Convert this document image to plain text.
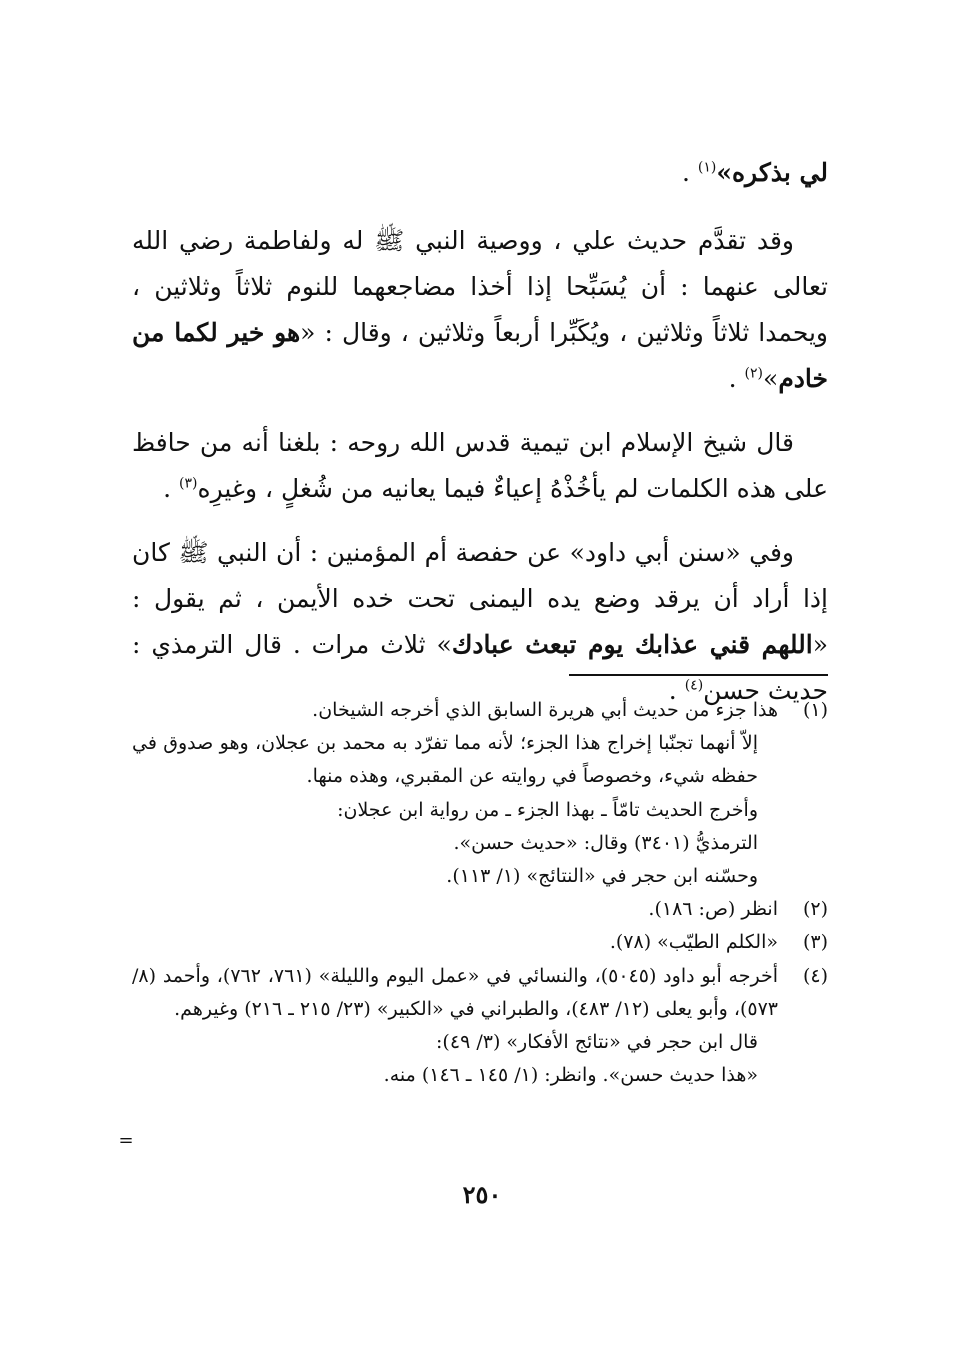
لي بذكره»$^{(١)}$ .

وقد تقدَّم حديث علي ، ووصية النبي ﷺ له ولفاطمة رضي الله تعالى عنهما : أن يُسَبِّحا إذا أخذا مضاجعهما للنوم ثلاثاً وثلاثين ، ويحمدا ثلاثاً وثلاثين ، ويُكَبِّرا أربعاً وثلاثين ، وقال : «هو خير لكما من خادم»$^{(٢)}$ .

قال شيخ الإسلام ابن تيمية قدس الله روحه : بلغنا أنه من حافظ على هذه الكلمات لم يأخُذْهُ إعياءٌ فيما يعانيه من شُغلٍ ، وغيرِه$^{(٣)}$ .

وفي «سنن أبي داود» عن حفصة أم المؤمنين : أن النبي ﷺ كان إذا أراد أن يرقد وضع يده اليمنى تحت خده الأيمن ، ثم يقول : «اللهم قني عذابك يوم تبعث عبادك» ثلاث مرات . قال الترمذي : حديث حسن$^{(٤)}$ .

(١)
هذا جزء من حديث أبي هريرة السابق الذي أخرجه الشيخان.
إلاّ أنهما تجنّبا إخراج هذا الجزء؛ لأنه مما تفرّد به محمد بن عجلان، وهو صدوق في حفظه شيء، وخصوصاً في روايته عن المقبري، وهذه منها.
وأخرج الحديث تامّاً ـ بهذا الجزء ـ من رواية ابن عجلان:
الترمذيُّ (٣٤٠١) وقال: «حديث حسن».
وحسّنه ابن حجر في «النتائج» (١/ ١١٣).
(٢)
انظر (ص: ١٨٦).
(٣)
«الكلم الطيّب» (٧٨).
(٤)
أخرجه أبو داود (٥٠٤٥)، والنسائي في «عمل اليوم والليلة» (٧٦١، ٧٦٢)، وأحمد (٨/ ٥٧٣)، وأبو يعلى (١٢/ ٤٨٣)، والطبراني في «الكبير» (٢٣/ ٢١٥ ـ ٢١٦) وغيرهم.
قال ابن حجر في «نتائج الأفكار» (٣/ ٤٩):
«هذا حديث حسن». وانظر: (١/ ١٤٥ ـ ١٤٦) منه.
=
٢٥٠
